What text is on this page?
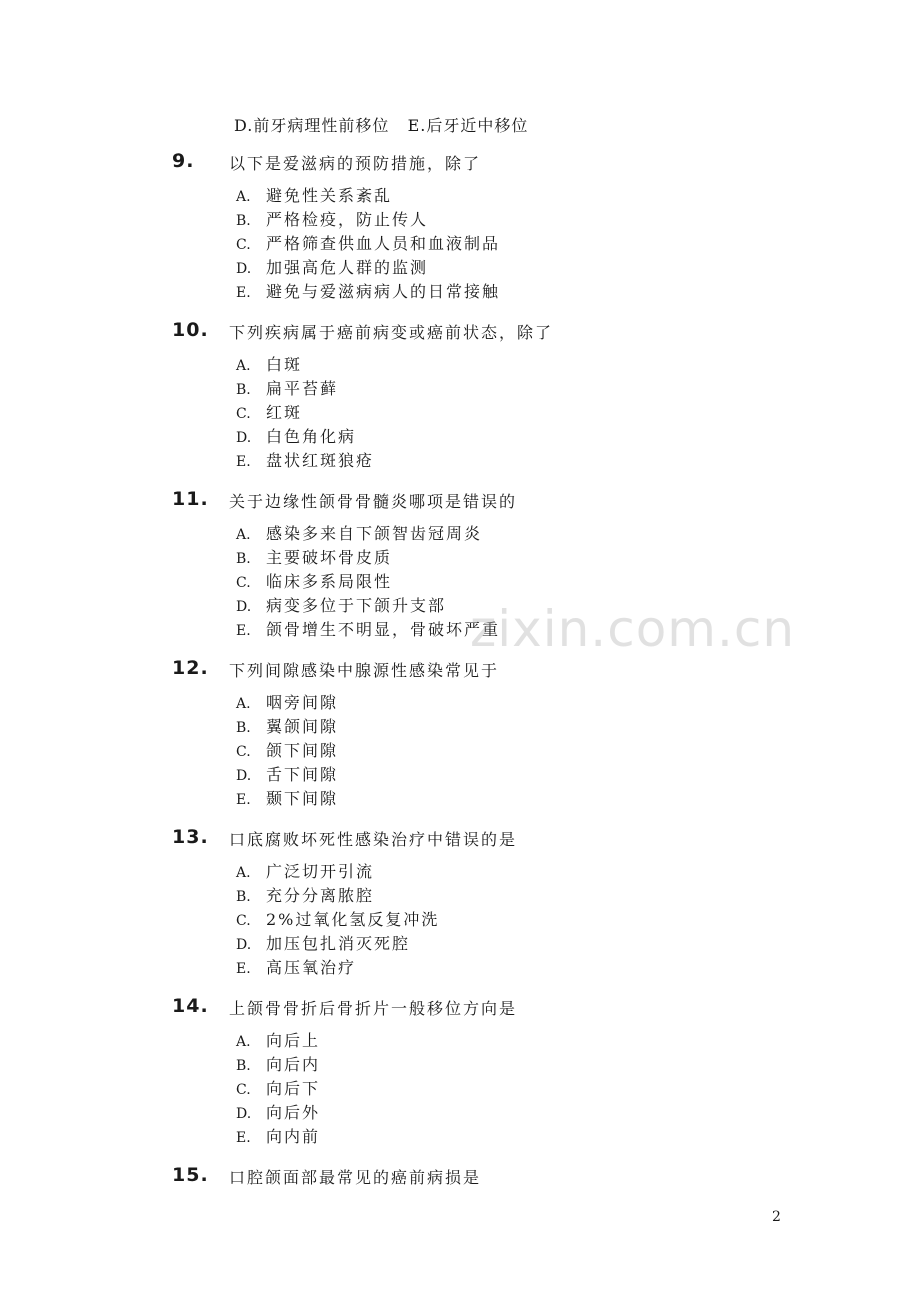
D.前牙病理性前移位   E.后牙近中移位
9. 以下是爱滋病的预防措施，除了
A. 避免性关系紊乱
B. 严格检疫，防止传人
C. 严格筛查供血人员和血液制品
D. 加强高危人群的监测
E. 避免与爱滋病病人的日常接触
10. 下列疾病属于癌前病变或癌前状态，除了
A. 白斑
B. 扁平苔藓
C. 红斑
D. 白色角化病
E. 盘状红斑狼疮
11. 关于边缘性颌骨骨髓炎哪项是错误的
A. 感染多来自下颌智齿冠周炎
B. 主要破坏骨皮质
C. 临床多系局限性
D. 病变多位于下颌升支部
E. 颌骨增生不明显，骨破坏严重
12. 下列间隙感染中腺源性感染常见于
A. 咽旁间隙
B. 翼颌间隙
C. 颌下间隙
D. 舌下间隙
E. 颞下间隙
13. 口底腐败坏死性感染治疗中错误的是
A. 广泛切开引流
B. 充分分离脓腔
C. 2%过氧化氢反复冲洗
D. 加压包扎消灭死腔
E. 高压氧治疗
14. 上颌骨骨折后骨折片一般移位方向是
A. 向后上
B. 向后内
C. 向后下
D. 向后外
E. 向内前
15. 口腔颌面部最常见的癌前病损是
zixin.com.cn
2
